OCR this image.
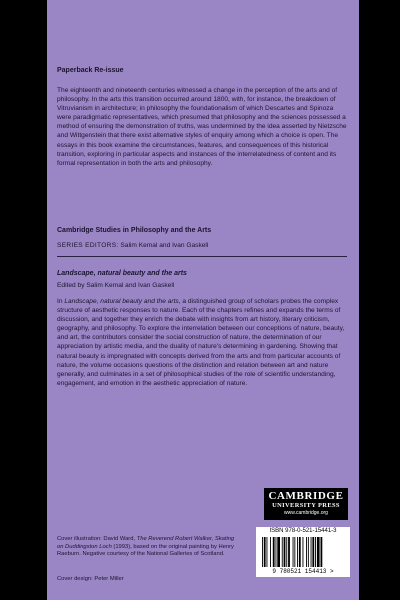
Paperback Re-issue
The eighteenth and nineteenth centuries witnessed a change in the perception of the arts and of philosophy. In the arts this transition occurred around 1800, with, for instance, the breakdown of Vitruvianism in architecture; in philosophy the foundationalism of which Descartes and Spinoza were paradigmatic representatives, which presumed that philosophy and the sciences possessed a method of ensuring the demonstration of truths, was undermined by the idea asserted by Nietzsche and Wittgenstein that there exist alternative styles of enquiry among which a choice is open. The essays in this book examine the circumstances, features, and consequences of this historical transition, exploring in particular aspects and instances of the interrelatedness of content and its formal representation in both the arts and philosophy.
Cambridge Studies in Philosophy and the Arts
SERIES EDITORS: Salim Kemal and Ivan Gaskell
Landscape, natural beauty and the arts
Edited by Salim Kemal and Ivan Gaskell
In Landscape, natural beauty and the arts, a distinguished group of scholars probes the complex structure of aesthetic responses to nature. Each of the chapters refines and expands the terms of discussion, and together they enrich the debate with insights from art history, literary criticism, geography, and philosophy. To explore the interrelation between our conceptions of nature, beauty, and art, the contributors consider the social construction of nature, the determination of our appreciation by artistic media, and the duality of nature's determining in gardening. Showing that natural beauty is impregnated with concepts derived from the arts and from particular accounts of nature, the volume occasions questions of the distinction and relation between art and nature generally, and culminates in a set of philosophical studies of the role of scientific understanding, engagement, and emotion in the aesthetic appreciation of nature.
Cover illustration: David Ward, The Reverend Robert Walker, Skating on Duddingston Loch (1993), based on the original painting by Henry Raeburn. Negative courtesy of the National Galleries of Scotland.
Cover design: Peter Miller
CAMBRIDGE
UNIVERSITY PRESS
www.cambridge.org
ISBN 978-0-521-15441-3
9 780521 154413 >
